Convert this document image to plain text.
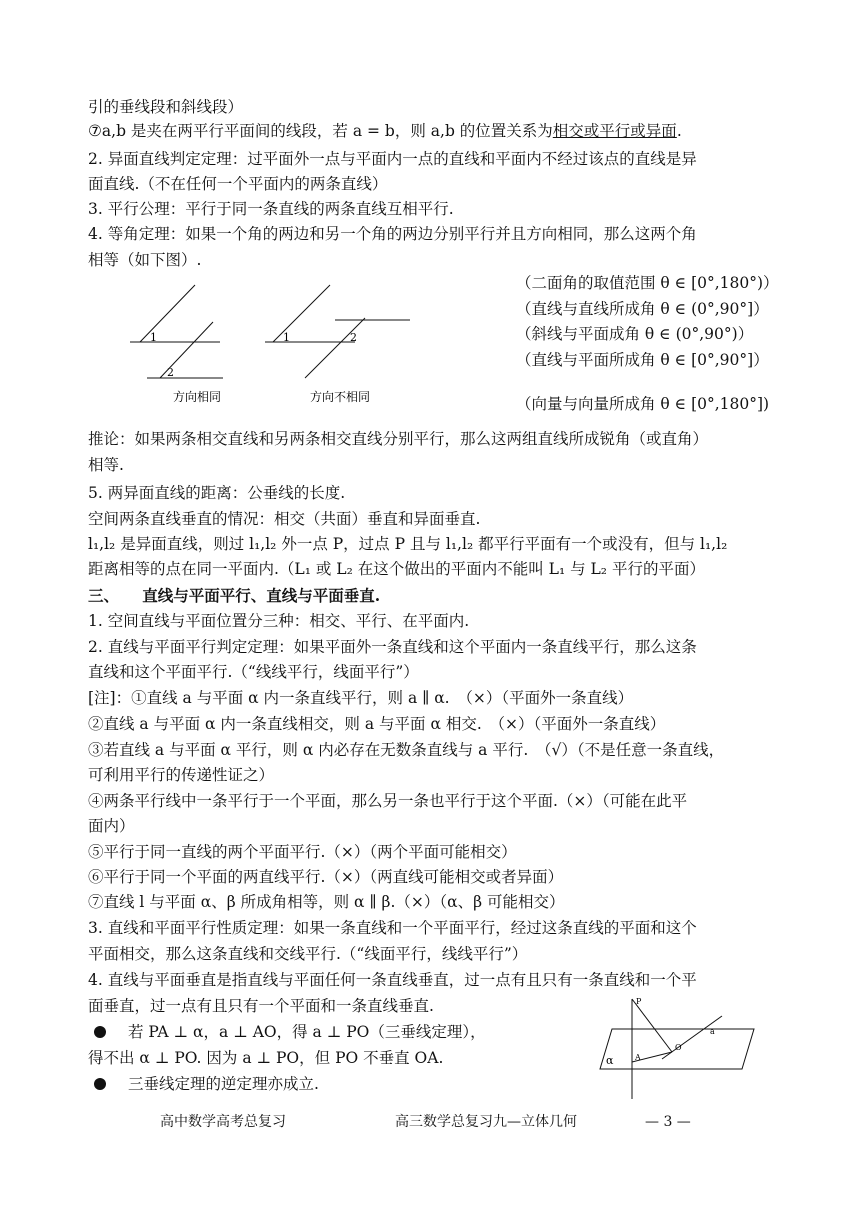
引的垂线段和斜线段）
⑦a,b 是夹在两平行平面间的线段，若 a = b，则 a,b 的位置关系为相交或平行或异面.
2. 异面直线判定定理：过平面外一点与平面内一点的直线和平面内不经过该点的直线是异
面直线.（不在任何一个平面内的两条直线）
3. 平行公理：平行于同一条直线的两条直线互相平行.
4. 等角定理：如果一个角的两边和另一个角的两边分别平行并且方向相同，那么这两个角
相等（如下图）.
（二面角的取值范围 θ ∈ [0°,180°)）
（直线与直线所成角 θ ∈ (0°,90°]）
（斜线与平面成角 θ ∈ (0°,90°)）
（直线与平面所成角 θ ∈ [0°,90°]）
（向量与向量所成角 θ ∈ [0°,180°])
1
2
1	2
方向相同	方向不相同
推论：如果两条相交直线和另两条相交直线分别平行，那么这两组直线所成锐角（或直角）
相等.
5. 两异面直线的距离：公垂线的长度.
空间两条直线垂直的情况：相交（共面）垂直和异面垂直.
l₁,l₂ 是异面直线，则过 l₁,l₂ 外一点 P，过点 P 且与 l₁,l₂ 都平行平面有一个或没有，但与 l₁,l₂
距离相等的点在同一平面内.（L₁ 或 L₂ 在这个做出的平面内不能叫 L₁ 与 L₂ 平行的平面）
三、　　直线与平面平行、直线与平面垂直.
1. 空间直线与平面位置分三种：相交、平行、在平面内.
2. 直线与平面平行判定定理：如果平面外一条直线和这个平面内一条直线平行，那么这条
直线和这个平面平行.（“线线平行，线面平行”）
[注]：①直线 a 与平面 α 内一条直线平行，则 a ∥ α.　（×）（平面外一条直线）
②直线 a 与平面 α 内一条直线相交，则 a 与平面 α 相交.　（×）（平面外一条直线）
③若直线 a 与平面 α 平行，则 α 内必存在无数条直线与 a 平行.　（√）（不是任意一条直线，
可利用平行的传递性证之）
④两条平行线中一条平行于一个平面，那么另一条也平行于这个平面.（×）（可能在此平
面内）
⑤平行于同一直线的两个平面平行.（×）（两个平面可能相交）
⑥平行于同一个平面的两直线平行.（×）（两直线可能相交或者异面）
⑦直线 l 与平面 α、β 所成角相等，则 α ∥ β.（×）（α、β 可能相交）
3. 直线和平面平行性质定理：如果一条直线和一个平面平行，经过这条直线的平面和这个
平面相交，那么这条直线和交线平行.（“线面平行，线线平行”）
4. 直线与平面垂直是指直线与平面任何一条直线垂直，过一点有且只有一条直线和一个平
面垂直，过一点有且只有一个平面和一条直线垂直.
若 PA ⊥ α，a ⊥ AO，得 a ⊥ PO（三垂线定理），
得不出 α ⊥ PO. 因为 a ⊥ PO，但 PO 不垂直 OA.
三垂线定理的逆定理亦成立.
P
O
A
α
a
高中数学高考总复习	高三数学总复习九—立体几何	— 3 —
